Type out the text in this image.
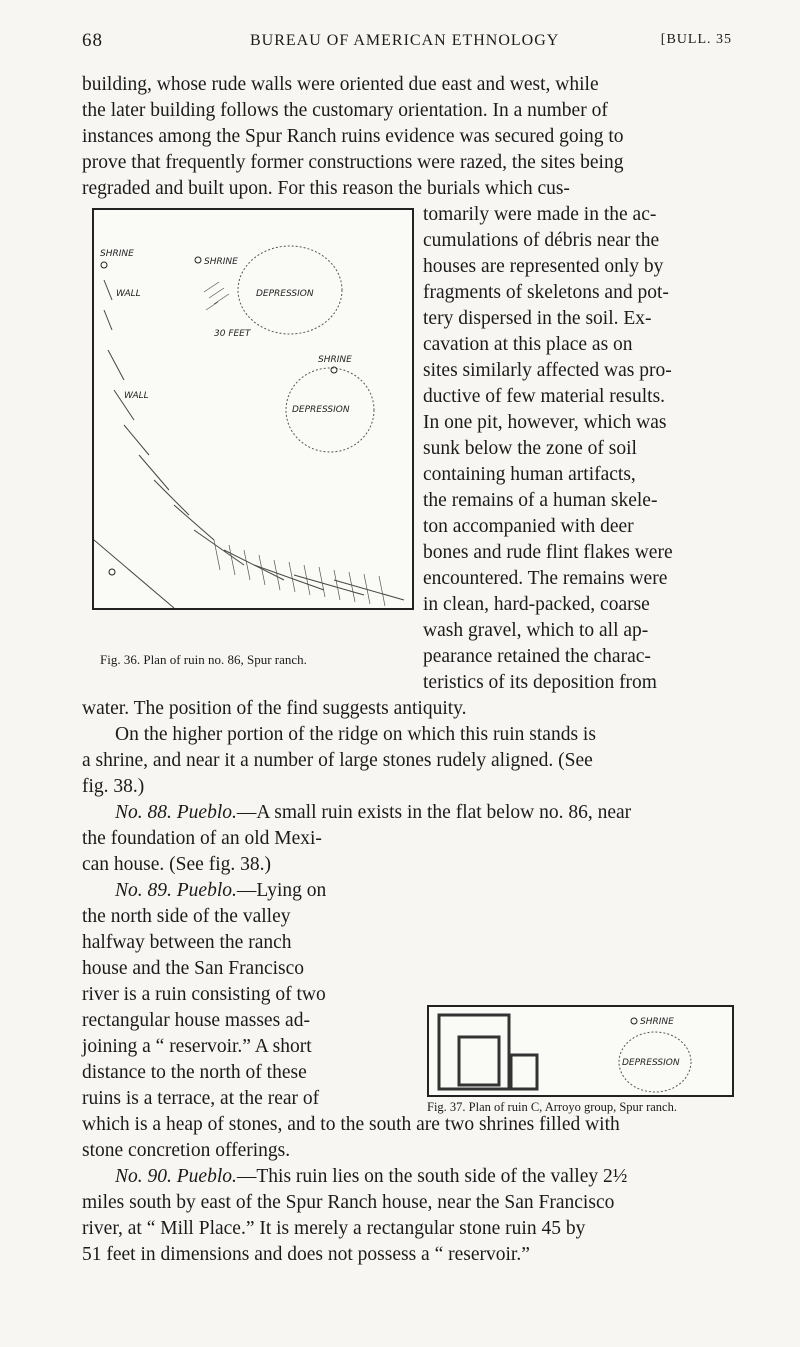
68	BUREAU OF AMERICAN ETHNOLOGY	[BULL. 35
building, whose rude walls were oriented due east and west, while
the later building follows the customary orientation. In a number of
instances among the Spur Ranch ruins evidence was secured going to
prove that frequently former constructions were razed, the sites being
regraded and built upon. For this reason the burials which cus-
tomarily were made in the ac-
cumulations of débris near the
houses are represented only by
fragments of skeletons and pot-
tery dispersed in the soil. Ex-
cavation at this place as on
sites similarly affected was pro-
ductive of few material results.
In one pit, however, which was
sunk below the zone of soil
containing human artifacts,
the remains of a human skele-
ton accompanied with deer
bones and rude flint flakes were
encountered. The remains were
in clean, hard-packed, coarse
wash gravel, which to all ap-
pearance retained the charac-
teristics of its deposition from
water. The position of the find suggests antiquity.
On the higher portion of the ridge on which this ruin stands is
a shrine, and near it a number of large stones rudely aligned. (See
fig. 38.)
No. 88. Pueblo.—A small ruin exists in the flat below no. 86, near
the foundation of an old Mexi-
can house. (See fig. 38.)
No. 89. Pueblo.—Lying on
the north side of the valley
halfway between the ranch
house and the San Francisco
river is a ruin consisting of two
rectangular house masses ad-
joining a “ reservoir.” A short
distance to the north of these
ruins is a terrace, at the rear of
which is a heap of stones, and to the south are two shrines filled with
stone concretion offerings.
No. 90. Pueblo.—This ruin lies on the south side of the valley 2½
miles south by east of the Spur Ranch house, near the San Francisco
river, at “ Mill Place.” It is merely a rectangular stone ruin 45 by
51 feet in dimensions and does not possess a “ reservoir.”
SHRINE
SHRINE
SHRINE
WALL
WALL
DEPRESSION
DEPRESSION
30 FEET
Fig. 36. Plan of ruin no. 86, Spur ranch.
SHRINE
DEPRESSION
Fig. 37. Plan of ruin C, Arroyo group, Spur ranch.
